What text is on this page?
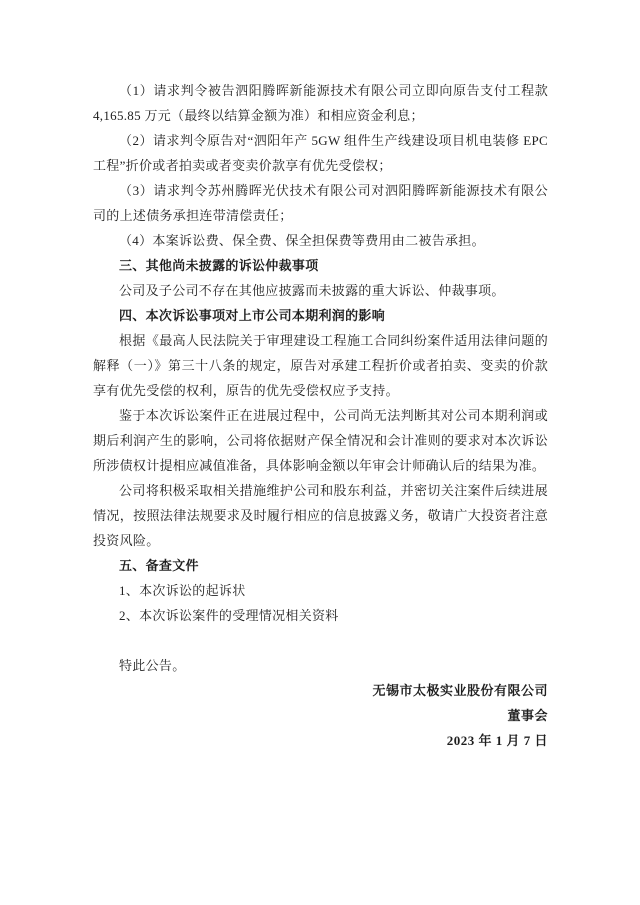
（1）请求判令被告泗阳腾晖新能源技术有限公司立即向原告支付工程款 4,165.85 万元（最终以结算金额为准）和相应资金利息；

（2）请求判令原告对“泗阳年产 5GW 组件生产线建设项目机电装修 EPC 工程”折价或者拍卖或者变卖价款享有优先受偿权；

（3）请求判令苏州腾晖光伏技术有限公司对泗阳腾晖新能源技术有限公司的上述债务承担连带清偿责任；

（4）本案诉讼费、保全费、保全担保费等费用由二被告承担。

三、其他尚未披露的诉讼仲裁事项

公司及子公司不存在其他应披露而未披露的重大诉讼、仲裁事项。

四、本次诉讼事项对上市公司本期利润的影响

根据《最高人民法院关于审理建设工程施工合同纠纷案件适用法律问题的解释（一）》第三十八条的规定，原告对承建工程折价或者拍卖、变卖的价款享有优先受偿的权利，原告的优先受偿权应予支持。

鉴于本次诉讼案件正在进展过程中，公司尚无法判断其对公司本期利润或期后利润产生的影响，公司将依据财产保全情况和会计准则的要求对本次诉讼所涉债权计提相应减值准备，具体影响金额以年审会计师确认后的结果为准。

公司将积极采取相关措施维护公司和股东利益，并密切关注案件后续进展情况，按照法律法规要求及时履行相应的信息披露义务，敬请广大投资者注意投资风险。

五、备查文件

1、本次诉讼的起诉状

2、本次诉讼案件的受理情况相关资料

特此公告。

无锡市太极实业股份有限公司

董事会

2023 年 1 月 7 日
